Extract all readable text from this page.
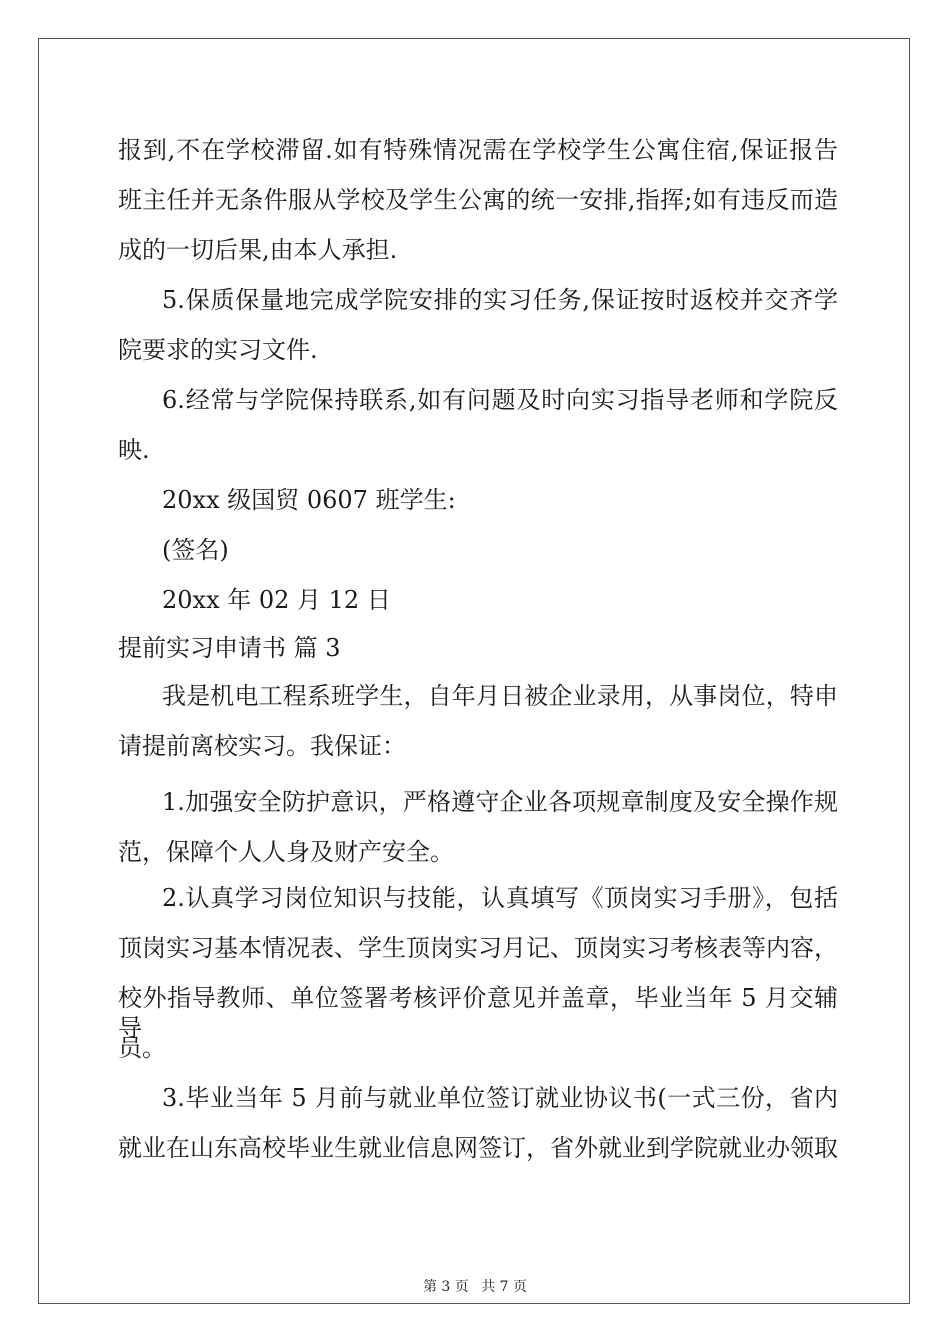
报到,不在学校滞留.如有特殊情况需在学校学生公寓住宿,保证报告

班主任并无条件服从学校及学生公寓的统一安排,指挥;如有违反而造

成的一切后果,由本人承担.

5.保质保量地完成学院安排的实习任务,保证按时返校并交齐学

院要求的实习文件.

6.经常与学院保持联系,如有问题及时向实习指导老师和学院反

映.

20xx 级国贸 0607 班学生:

(签名)

20xx 年 02 月 12 日

提前实习申请书 篇 3

我是机电工程系班学生，自年月日被企业录用，从事岗位，特申

请提前离校实习。我保证：

1.加强安全防护意识，严格遵守企业各项规章制度及安全操作规

范，保障个人人身及财产安全。

2.认真学习岗位知识与技能，认真填写《顶岗实习手册》，包括

顶岗实习基本情况表、学生顶岗实习月记、顶岗实习考核表等内容，

校外指导教师、单位签署考核评价意见并盖章，毕业当年 5 月交辅导

员。

3.毕业当年 5 月前与就业单位签订就业协议书(一式三份，省内

就业在山东高校毕业生就业信息网签订，省外就业到学院就业办领取

第 3 页 共 7 页
